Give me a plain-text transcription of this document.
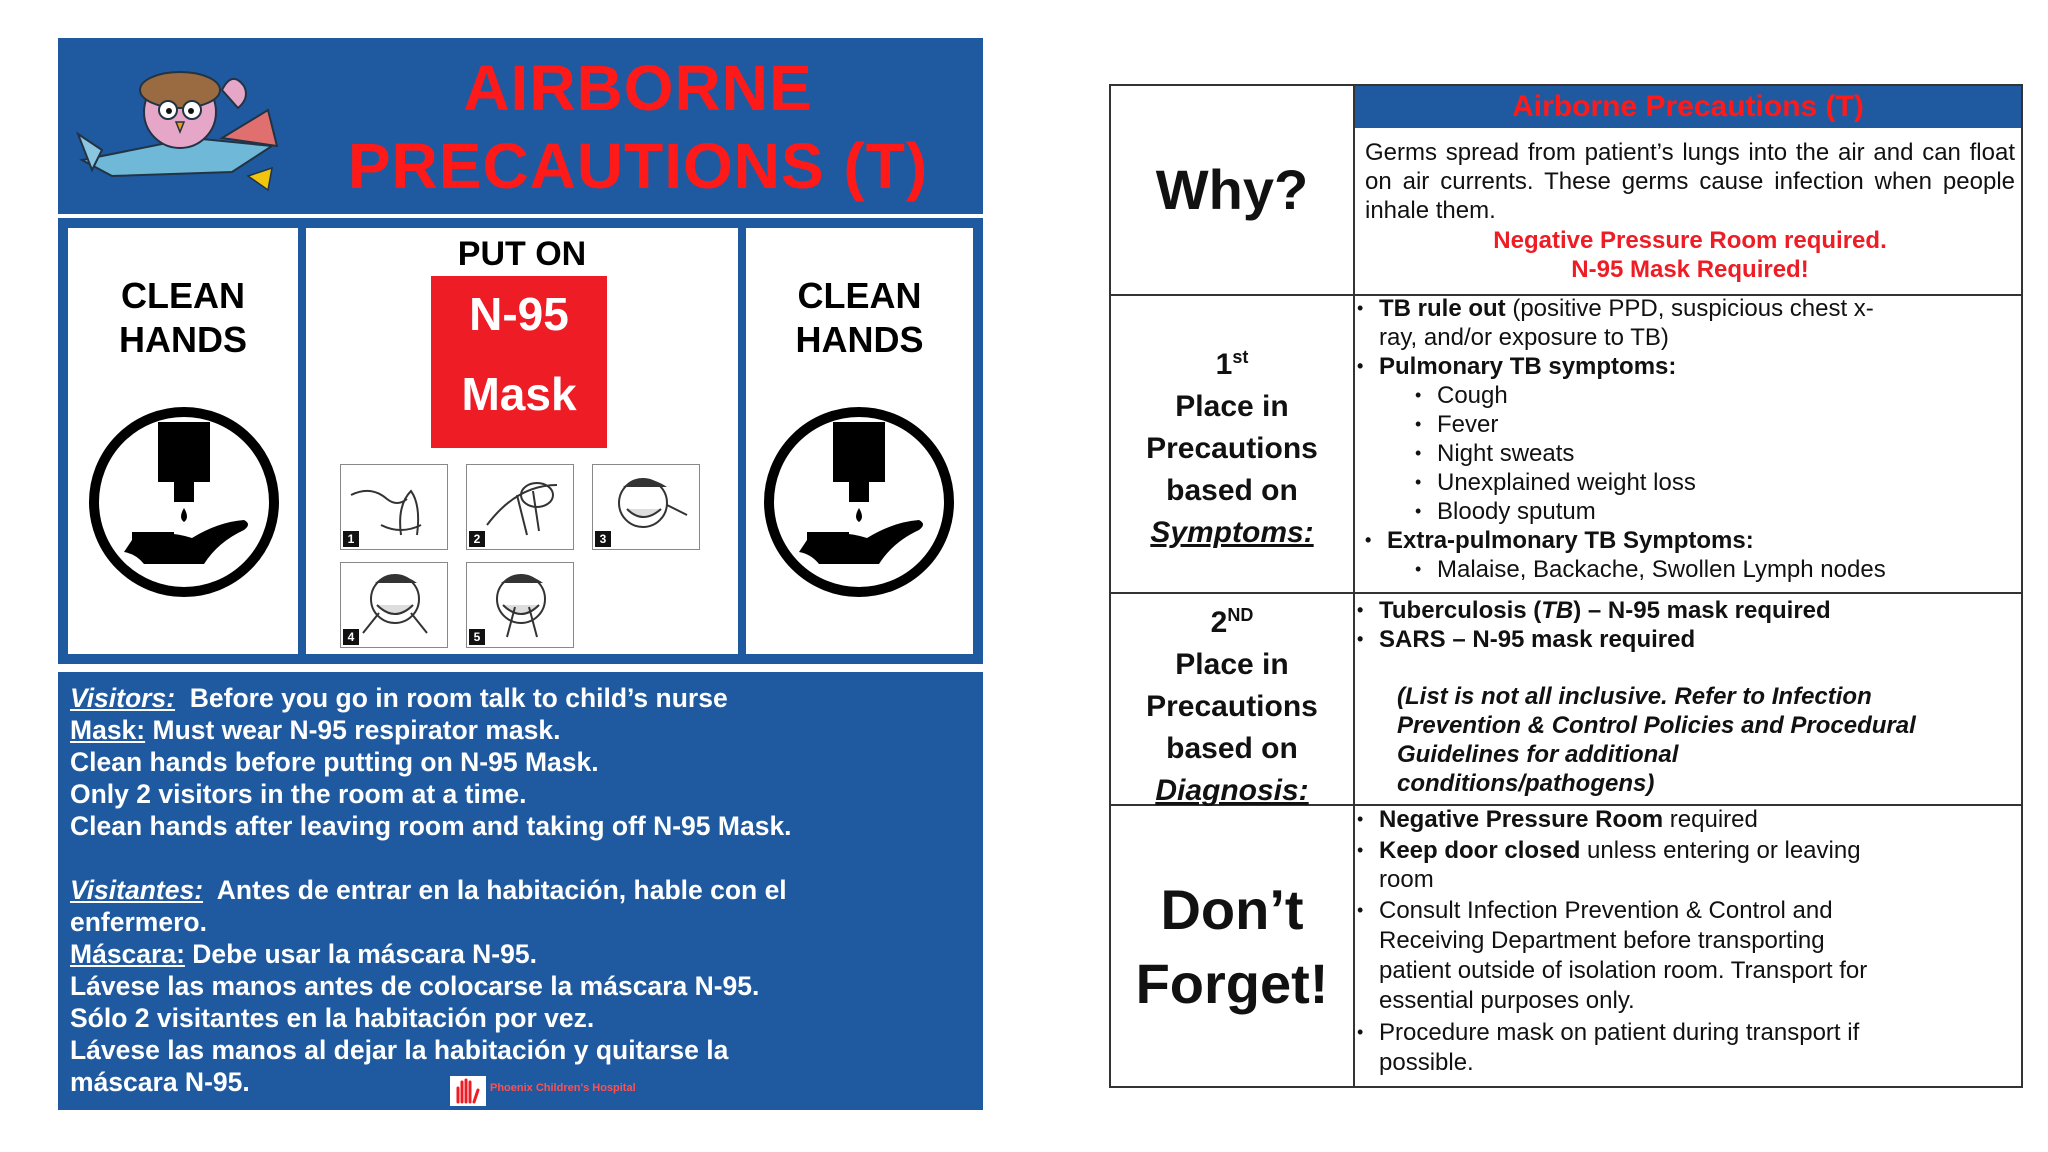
AIRBORNE
PRECAUTIONS (T)
CLEAN
HANDS
PUT ON
N-95
Mask
1	2	3
4	5
CLEAN
HANDS
Visitors: Before you go in room talk to child’s nurse
Mask: Must wear N-95 respirator mask.
Clean hands before putting on N-95 Mask.
Only 2 visitors in the room at a time.
Clean hands after leaving room and taking off N-95 Mask.
Visitantes: Antes de entrar en la habitación, hable con el
enfermero.
Máscara: Debe usar la máscara N-95.
Lávese las manos antes de colocarse la máscara N-95.
Sólo 2 visitantes en la habitación por vez.
Lávese las manos al dejar la habitación y quitarse la
máscara N-95.	Phoenix Children's Hospital
Airborne Precautions (T)
Why?
Germs spread from patient’s lungs into the air and can float on air currents. These germs cause infection when people inhale them.
Negative Pressure Room required.
N-95 Mask Required!
1st
Place in
Precautions
based on
Symptoms:
• TB rule out (positive PPD, suspicious chest x-
ray, and/or exposure to TB)
• Pulmonary TB symptoms:
• Cough
• Fever
• Night sweats
• Unexplained weight loss
• Bloody sputum
• Extra-pulmonary TB Symptoms:
• Malaise, Backache, Swollen Lymph nodes
2ND
Place in
Precautions
based on
Diagnosis:
• Tuberculosis (TB) – N-95 mask required
• SARS – N-95 mask required
(List is not all inclusive. Refer to Infection
Prevention & Control Policies and Procedural
Guidelines for additional
conditions/pathogens)
Don’t
Forget!
• Negative Pressure Room required
• Keep door closed unless entering or leaving
room
• Consult Infection Prevention & Control and
Receiving Department before transporting
patient outside of isolation room. Transport for
essential purposes only.
• Procedure mask on patient during transport if
possible.
